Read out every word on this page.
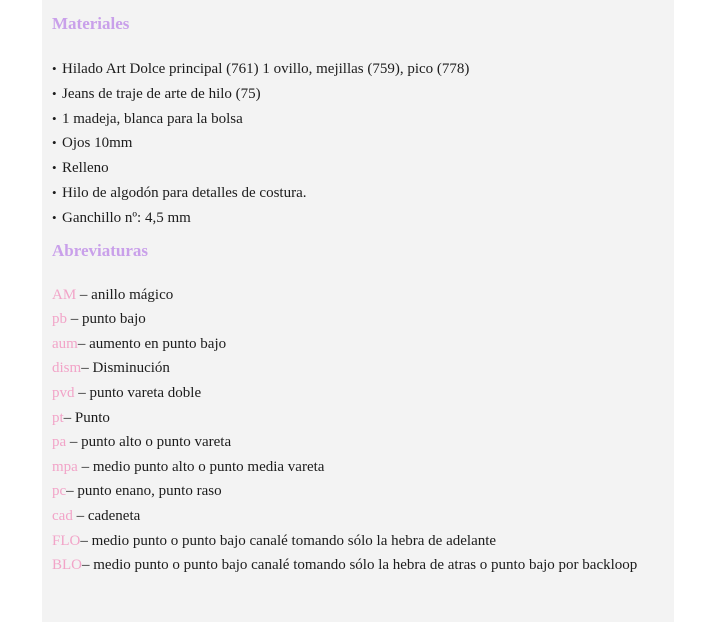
Materiales
• Hilado Art Dolce principal (761) 1 ovillo, mejillas (759), pico (778)
• Jeans de traje de arte de hilo (75)
• 1 madeja, blanca para la bolsa
• Ojos 10mm
• Relleno
• Hilo de algodón para detalles de costura.
• Ganchillo nº: 4,5 mm
Abreviaturas
AM – anillo mágico
pb – punto bajo
aum– aumento en punto bajo
dism– Disminución
pvd – punto vareta doble
pt– Punto
pa – punto alto o punto vareta
mpa – medio punto alto o punto media vareta
pc– punto enano, punto raso
cad – cadeneta
FLO– medio punto o punto bajo canalé tomando sólo la hebra de adelante
BLO– medio punto o punto bajo canalé tomando sólo la hebra de atras o punto bajo por backloop
